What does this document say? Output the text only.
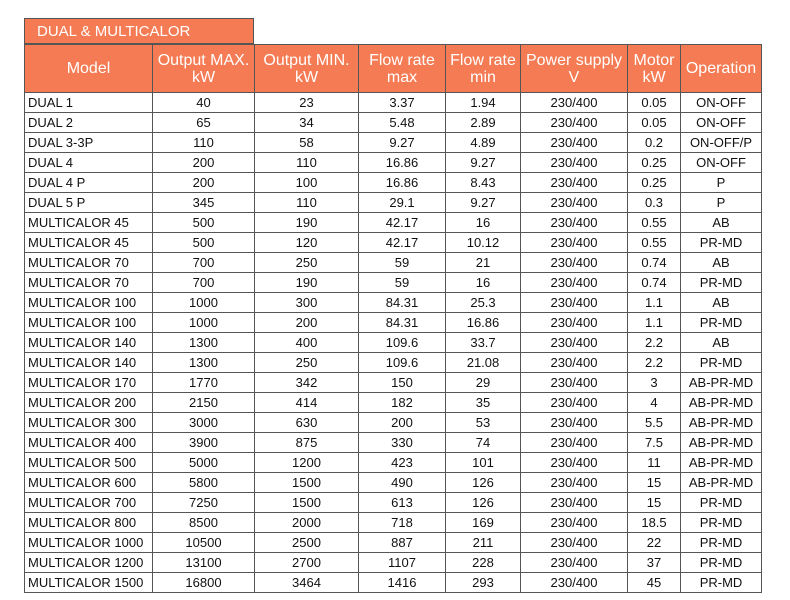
DUAL & MULTICALOR
Model	Output MAX. kW	Output MIN. kW	Flow rate max	Flow rate min	Power supply V	Motor kW	Operation
DUAL 1	40	23	3.37	1.94	230/400	0.05	ON-OFF
DUAL 2	65	34	5.48	2.89	230/400	0.05	ON-OFF
DUAL 3-3P	110	58	9.27	4.89	230/400	0.2	ON-OFF/P
DUAL 4	200	110	16.86	9.27	230/400	0.25	ON-OFF
DUAL 4 P	200	100	16.86	8.43	230/400	0.25	P
DUAL 5 P	345	110	29.1	9.27	230/400	0.3	P
MULTICALOR 45	500	190	42.17	16	230/400	0.55	AB
MULTICALOR 45	500	120	42.17	10.12	230/400	0.55	PR-MD
MULTICALOR 70	700	250	59	21	230/400	0.74	AB
MULTICALOR 70	700	190	59	16	230/400	0.74	PR-MD
MULTICALOR 100	1000	300	84.31	25.3	230/400	1.1	AB
MULTICALOR 100	1000	200	84.31	16.86	230/400	1.1	PR-MD
MULTICALOR 140	1300	400	109.6	33.7	230/400	2.2	AB
MULTICALOR 140	1300	250	109.6	21.08	230/400	2.2	PR-MD
MULTICALOR 170	1770	342	150	29	230/400	3	AB-PR-MD
MULTICALOR 200	2150	414	182	35	230/400	4	AB-PR-MD
MULTICALOR 300	3000	630	200	53	230/400	5.5	AB-PR-MD
MULTICALOR 400	3900	875	330	74	230/400	7.5	AB-PR-MD
MULTICALOR 500	5000	1200	423	101	230/400	11	AB-PR-MD
MULTICALOR 600	5800	1500	490	126	230/400	15	AB-PR-MD
MULTICALOR 700	7250	1500	613	126	230/400	15	PR-MD
MULTICALOR 800	8500	2000	718	169	230/400	18.5	PR-MD
MULTICALOR 1000	10500	2500	887	211	230/400	22	PR-MD
MULTICALOR 1200	13100	2700	1107	228	230/400	37	PR-MD
MULTICALOR 1500	16800	3464	1416	293	230/400	45	PR-MD
